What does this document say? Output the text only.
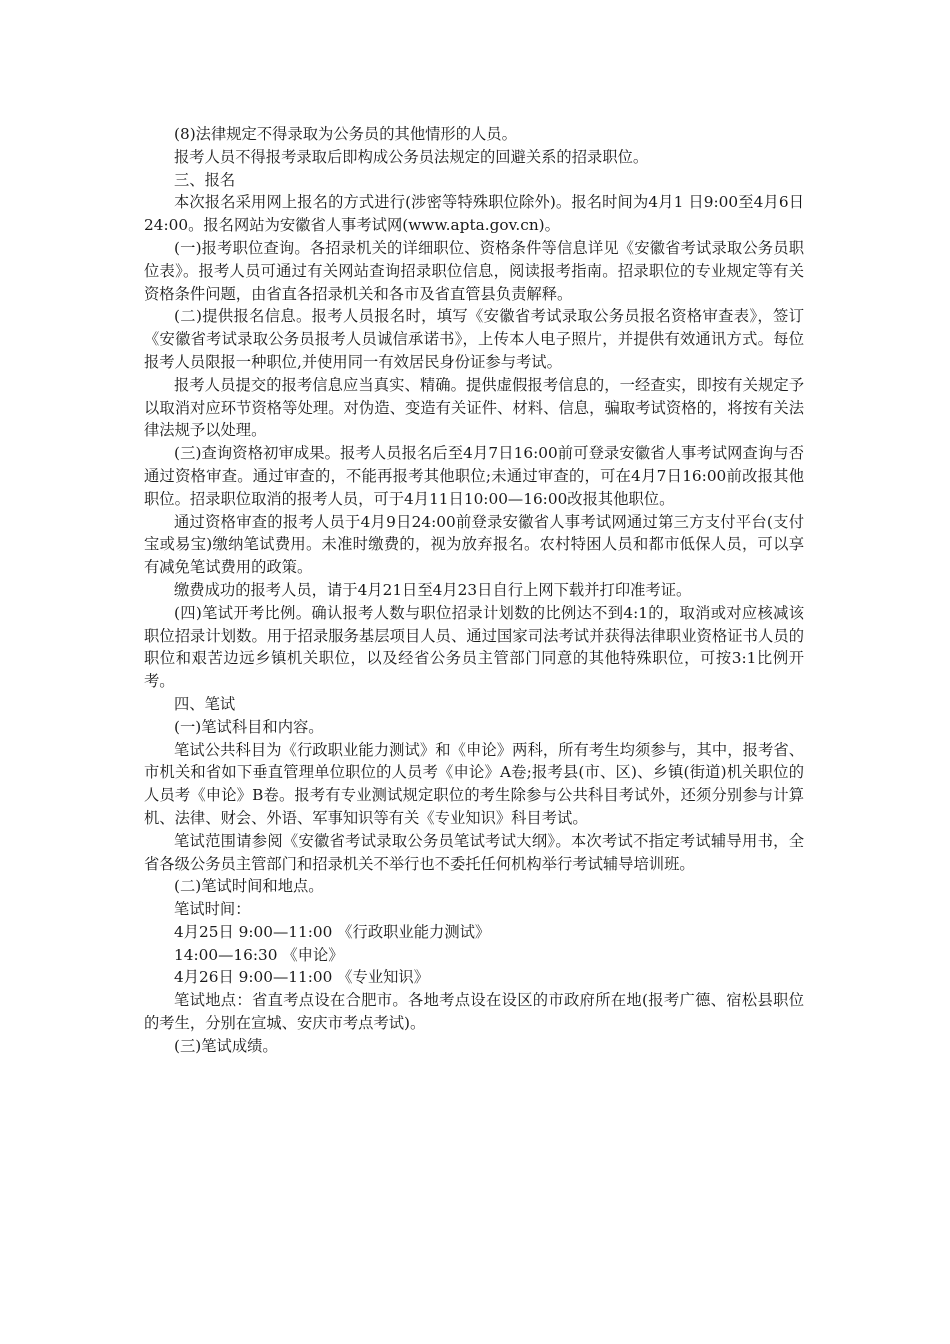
(8)法律规定不得录取为公务员的其他情形的人员。

报考人员不得报考录取后即构成公务员法规定的回避关系的招录职位。

三、报名

本次报名采用网上报名的方式进行(涉密等特殊职位除外)。报名时间为4月1 日9:00至4月6日24:00。报名网站为安徽省人事考试网(www.apta.gov.cn)。

(一)报考职位查询。各招录机关的详细职位、资格条件等信息详见《安徽省考试录取公务员职位表》。报考人员可通过有关网站查询招录职位信息，阅读报考指南。招录职位的专业规定等有关资格条件问题，由省直各招录机关和各市及省直管县负责解释。

(二)提供报名信息。报考人员报名时，填写《安徽省考试录取公务员报名资格审查表》，签订《安徽省考试录取公务员报考人员诚信承诺书》，上传本人电子照片，并提供有效通讯方式。每位报考人员限报一种职位,并使用同一有效居民身份证参与考试。

报考人员提交的报考信息应当真实、精确。提供虚假报考信息的，一经查实，即按有关规定予以取消对应环节资格等处理。对伪造、变造有关证件、材料、信息，骗取考试资格的，将按有关法律法规予以处理。

(三)查询资格初审成果。报考人员报名后至4月7日16:00前可登录安徽省人事考试网查询与否通过资格审查。通过审查的，不能再报考其他职位;未通过审查的，可在4月7日16:00前改报其他职位。招录职位取消的报考人员，可于4月11日10:00—16:00改报其他职位。

通过资格审查的报考人员于4月9日24:00前登录安徽省人事考试网通过第三方支付平台(支付宝或易宝)缴纳笔试费用。未准时缴费的，视为放弃报名。农村特困人员和都市低保人员，可以享有减免笔试费用的政策。

缴费成功的报考人员，请于4月21日至4月23日自行上网下载并打印准考证。

(四)笔试开考比例。确认报考人数与职位招录计划数的比例达不到4:1的，取消或对应核减该职位招录计划数。用于招录服务基层项目人员、通过国家司法考试并获得法律职业资格证书人员的职位和艰苦边远乡镇机关职位，以及经省公务员主管部门同意的其他特殊职位，可按3:1比例开考。

四、笔试

(一)笔试科目和内容。

笔试公共科目为《行政职业能力测试》和《申论》两科，所有考生均须参与，其中，报考省、市机关和省如下垂直管理单位职位的人员考《申论》A卷;报考县(市、区)、乡镇(街道)机关职位的人员考《申论》B卷。报考有专业测试规定职位的考生除参与公共科目考试外，还须分别参与计算机、法律、财会、外语、军事知识等有关《专业知识》科目考试。

笔试范围请参阅《安徽省考试录取公务员笔试考试大纲》。本次考试不指定考试辅导用书，全省各级公务员主管部门和招录机关不举行也不委托任何机构举行考试辅导培训班。

(二)笔试时间和地点。

笔试时间：

4月25日 9:00—11:00 《行政职业能力测试》

14:00—16:30 《申论》

4月26日 9:00—11:00 《专业知识》

笔试地点：省直考点设在合肥市。各地考点设在设区的市政府所在地(报考广德、宿松县职位的考生，分别在宣城、安庆市考点考试)。

(三)笔试成绩。
